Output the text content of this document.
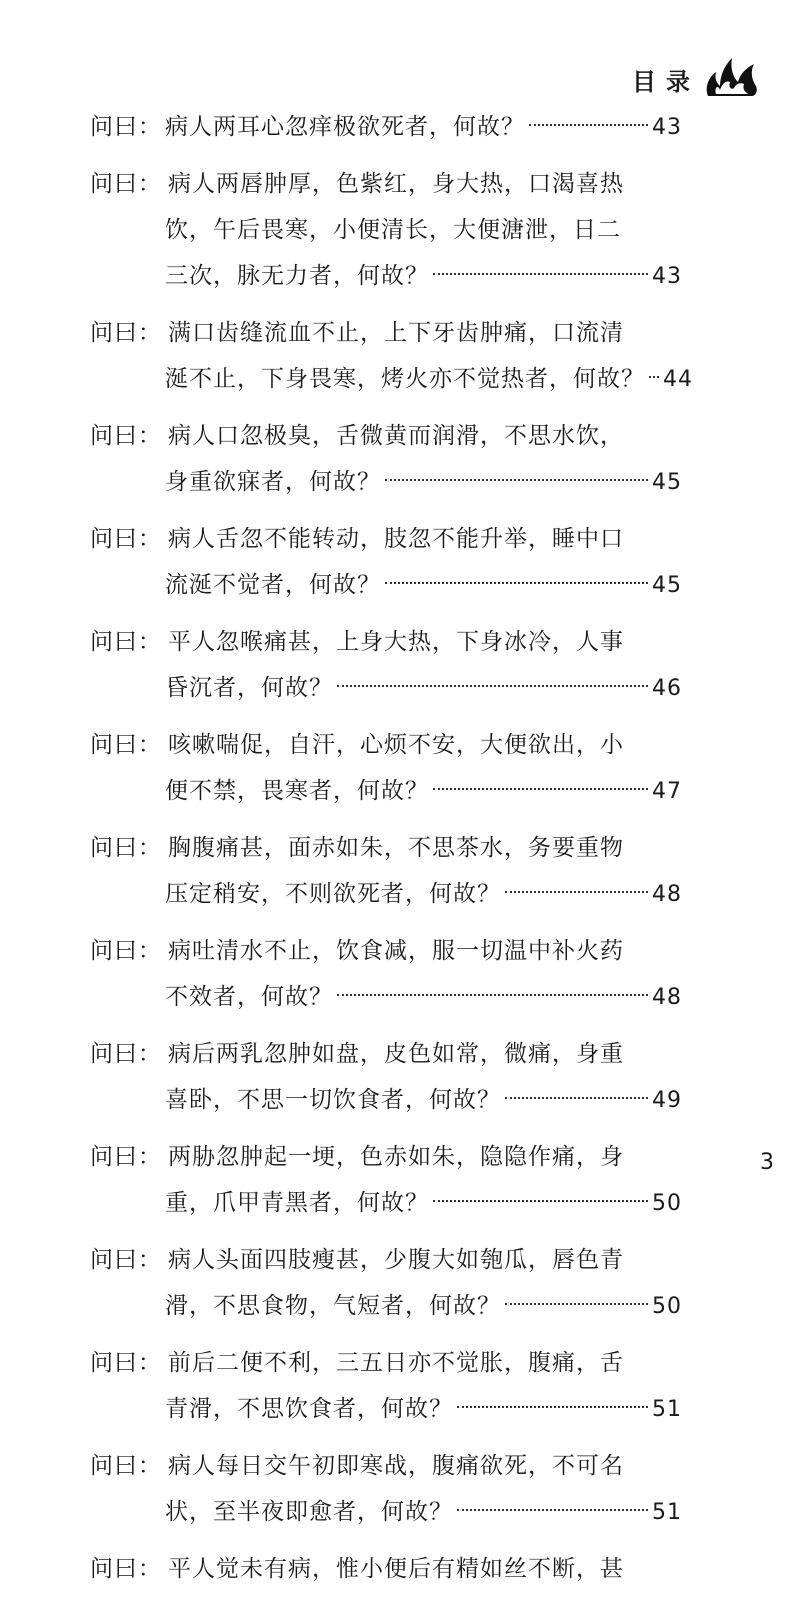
目录
问曰： 病人两耳心忽痒极欲死者，何故？	43
问曰： 病人两唇肿厚，色紫红，身大热，口渴喜热
饮，午后畏寒，小便清长，大便溏泄，日二
三次，脉无力者，何故？	43
问曰： 满口齿缝流血不止，上下牙齿肿痛，口流清
涎不止，下身畏寒，烤火亦不觉热者，何故？ 44
问曰： 病人口忽极臭，舌微黄而润滑，不思水饮，
身重欲寐者，何故？	45
问曰： 病人舌忽不能转动，肢忽不能升举，睡中口
流涎不觉者，何故？	45
问曰： 平人忽喉痛甚，上身大热，下身冰冷，人事
昏沉者，何故？	46
问曰： 咳嗽喘促，自汗，心烦不安，大便欲出，小
便不禁，畏寒者，何故？	47
问曰： 胸腹痛甚，面赤如朱，不思茶水，务要重物
压定稍安，不则欲死者，何故？	48
问曰： 病吐清水不止，饮食减，服一切温中补火药
不效者，何故？	48
问曰： 病后两乳忽肿如盘，皮色如常，微痛，身重
喜卧，不思一切饮食者，何故？	49
问曰： 两胁忽肿起一埂，色赤如朱，隐隐作痛，身
重，爪甲青黑者，何故？	50
问曰： 病人头面四肢瘦甚，少腹大如匏瓜，唇色青
滑，不思食物，气短者，何故？	50
问曰： 前后二便不利，三五日亦不觉胀，腹痛，舌
青滑，不思饮食者，何故？	51
问曰： 病人每日交午初即寒战，腹痛欲死，不可名
状，至半夜即愈者，何故？	51
问曰： 平人觉未有病，惟小便后有精如丝不断，甚
3
